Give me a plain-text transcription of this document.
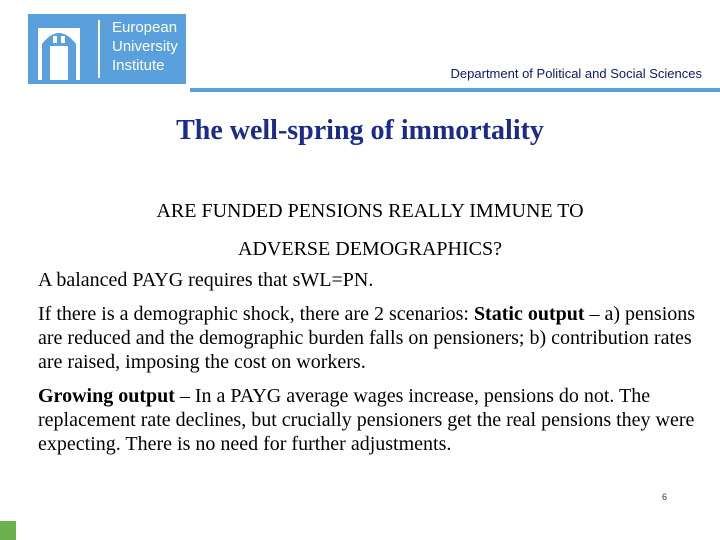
European
University
Institute	Department of Political and Social Sciences
The well-spring of immortality
ARE FUNDED PENSIONS REALLY IMMUNE TO
ADVERSE DEMOGRAPHICS?

A balanced PAYG requires that sWL=PN.

If there is a demographic shock, there are 2 scenarios: Static output – a) pensions are reduced and the demographic burden falls on pensioners; b) contribution rates are raised, imposing the cost on workers.

Growing output – In a PAYG average wages increase, pensions do not. The replacement rate declines, but crucially pensioners get the real pensions they were expecting. There is no need for further adjustments.

6
